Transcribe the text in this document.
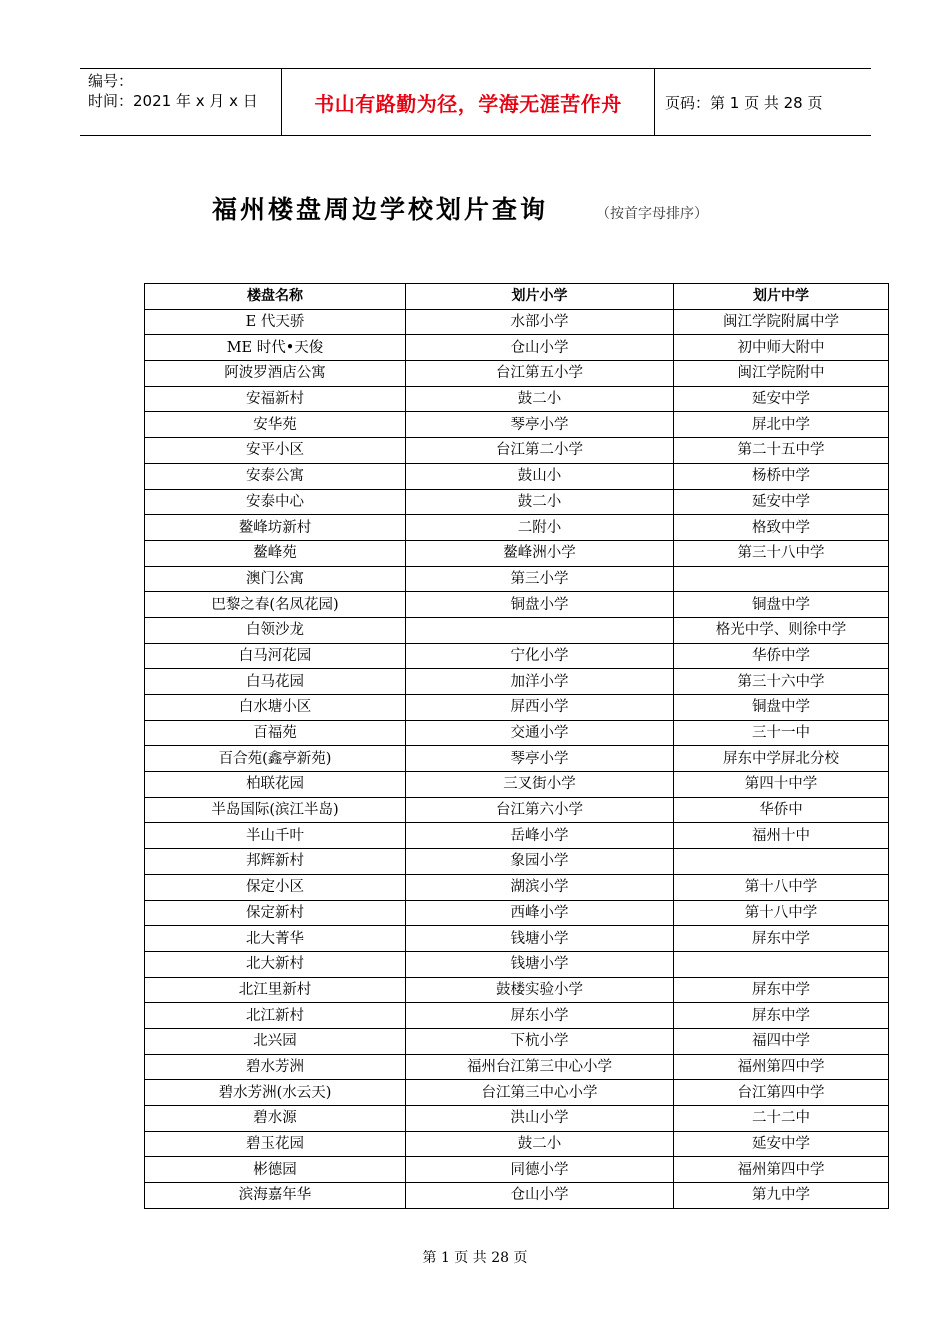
编号：
时间：2021 年 x 月 x 日	书山有路勤为径，学海无涯苦作舟	页码：第 1 页 共 28 页
福州楼盘周边学校划片查询	（按首字母排序）
楼盘名称	划片小学	划片中学
E 代天骄	水部小学	闽江学院附属中学
ME 时代•天俊	仓山小学	初中师大附中
阿波罗酒店公寓	台江第五小学	闽江学院附中
安福新村	鼓二小	延安中学
安华苑	琴亭小学	屏北中学
安平小区	台江第二小学	第二十五中学
安泰公寓	鼓山小	杨桥中学
安泰中心	鼓二小	延安中学
鳌峰坊新村	二附小	格致中学
鳌峰苑	鳌峰洲小学	第三十八中学
澳门公寓	第三小学	
巴黎之春(名凤花园)	铜盘小学	铜盘中学
白领沙龙		格光中学、则徐中学
白马河花园	宁化小学	华侨中学
白马花园	加洋小学	第三十六中学
白水塘小区	屏西小学	铜盘中学
百福苑	交通小学	三十一中
百合苑(鑫亭新苑)	琴亭小学	屏东中学屏北分校
柏联花园	三叉街小学	第四十中学
半岛国际(滨江半岛)	台江第六小学	华侨中
半山千叶	岳峰小学	福州十中
邦辉新村	象园小学	
保定小区	湖滨小学	第十八中学
保定新村	西峰小学	第十八中学
北大菁华	钱塘小学	屏东中学
北大新村	钱塘小学	
北江里新村	鼓楼实验小学	屏东中学
北江新村	屏东小学	屏东中学
北兴园	下杭小学	福四中学
碧水芳洲	福州台江第三中心小学	福州第四中学
碧水芳洲(水云天)	台江第三中心小学	台江第四中学
碧水源	洪山小学	二十二中
碧玉花园	鼓二小	延安中学
彬德园	同德小学	福州第四中学
滨海嘉年华	仓山小学	第九中学
第 1 页 共 28 页
